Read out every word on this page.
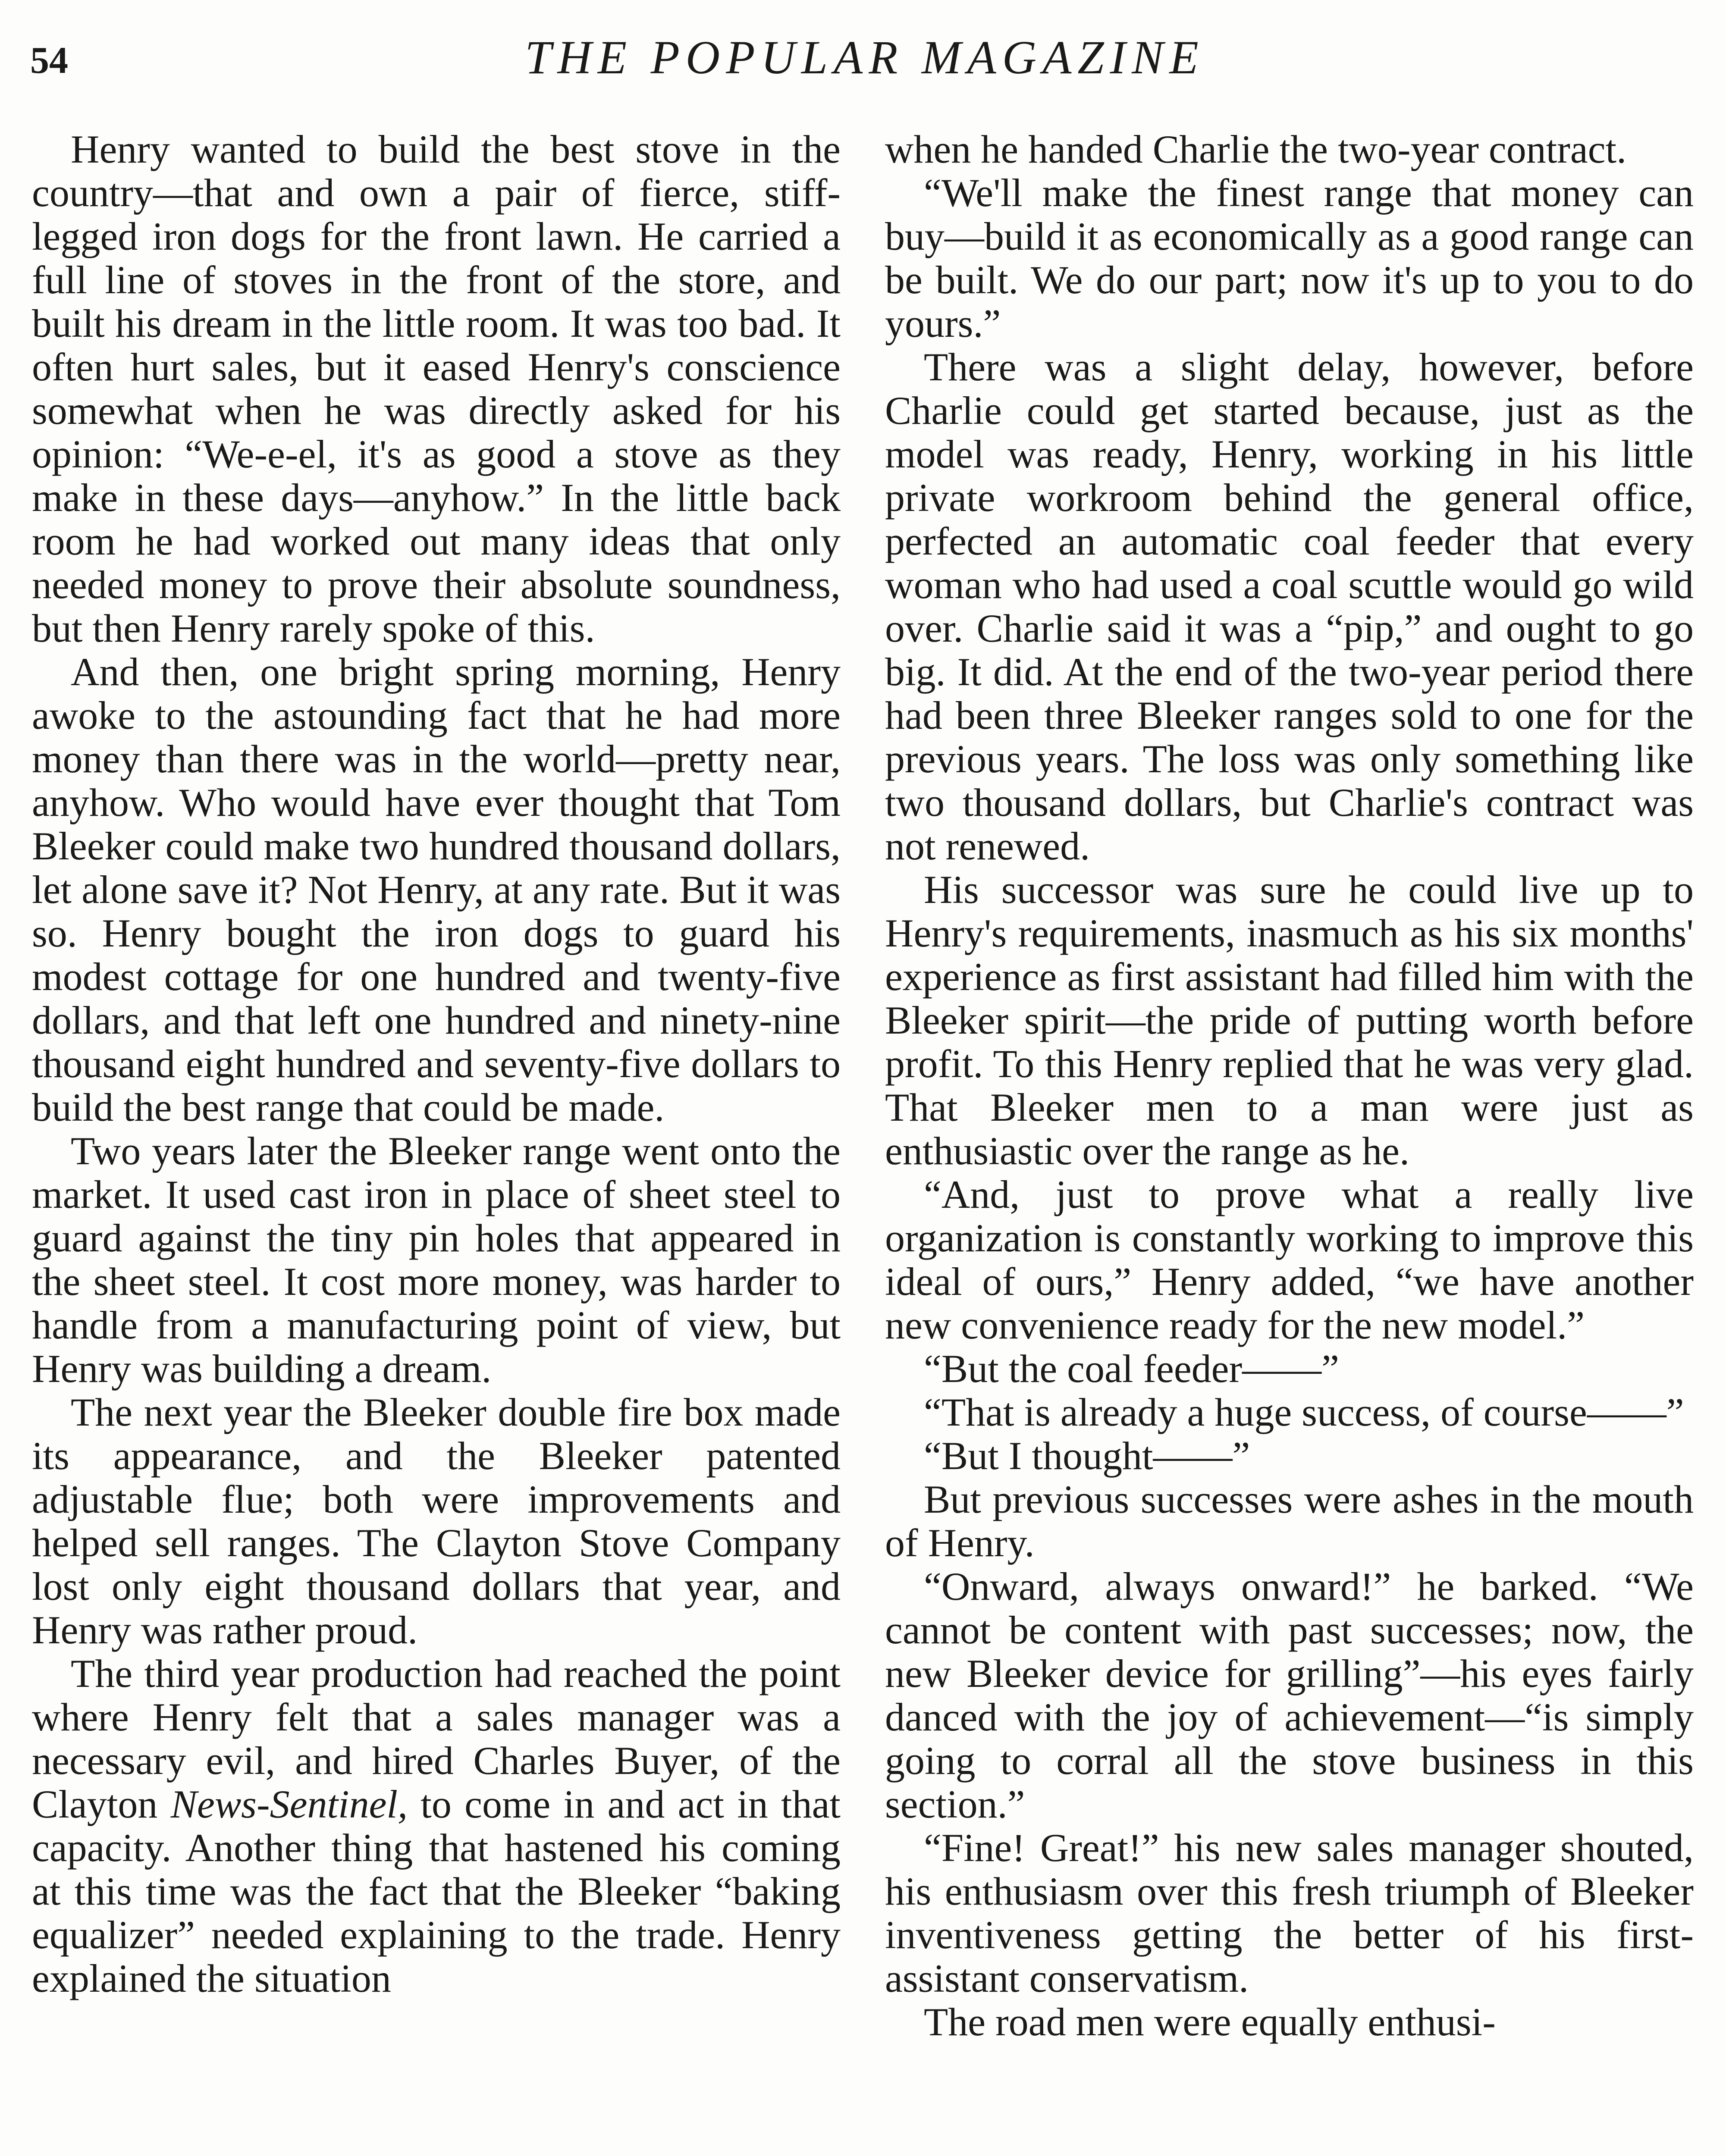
54	THE POPULAR MAGAZINE

Henry wanted to build the best stove in the country—that and own a pair of fierce, stiff-legged iron dogs for the front lawn. He carried a full line of stoves in the front of the store, and built his dream in the little room. It was too bad. It often hurt sales, but it eased Henry's conscience somewhat when he was directly asked for his opinion: “We-e-el, it's as good a stove as they make in these days—anyhow.” In the little back room he had worked out many ideas that only needed money to prove their absolute soundness, but then Henry rarely spoke of this.

And then, one bright spring morning, Henry awoke to the astounding fact that he had more money than there was in the world—pretty near, anyhow. Who would have ever thought that Tom Bleeker could make two hundred thousand dollars, let alone save it? Not Henry, at any rate. But it was so. Henry bought the iron dogs to guard his modest cottage for one hundred and twenty-five dollars, and that left one hundred and ninety-nine thousand eight hundred and seventy-five dollars to build the best range that could be made.

Two years later the Bleeker range went onto the market. It used cast iron in place of sheet steel to guard against the tiny pin holes that appeared in the sheet steel. It cost more money, was harder to handle from a manufacturing point of view, but Henry was building a dream.

The next year the Bleeker double fire box made its appearance, and the Bleeker patented adjustable flue; both were improvements and helped sell ranges. The Clayton Stove Company lost only eight thousand dollars that year, and Henry was rather proud.

The third year production had reached the point where Henry felt that a sales manager was a necessary evil, and hired Charles Buyer, of the Clayton News-Sentinel, to come in and act in that capacity. Another thing that hastened his coming at this time was the fact that the Bleeker “baking equalizer” needed explaining to the trade. Henry explained the situation

when he handed Charlie the two-year contract.

“We'll make the finest range that money can buy—build it as economically as a good range can be built. We do our part; now it's up to you to do yours.”

There was a slight delay, however, before Charlie could get started because, just as the model was ready, Henry, working in his little private workroom behind the general office, perfected an automatic coal feeder that every woman who had used a coal scuttle would go wild over. Charlie said it was a “pip,” and ought to go big. It did. At the end of the two-year period there had been three Bleeker ranges sold to one for the previous years. The loss was only something like two thousand dollars, but Charlie's contract was not renewed.

His successor was sure he could live up to Henry's requirements, inasmuch as his six months' experience as first assistant had filled him with the Bleeker spirit—the pride of putting worth before profit. To this Henry replied that he was very glad. That Bleeker men to a man were just as enthusiastic over the range as he.

“And, just to prove what a really live organization is constantly working to improve this ideal of ours,” Henry added, “we have another new convenience ready for the new model.”

“But the coal feeder——”

“That is already a huge success, of course——”

“But I thought——”

But previous successes were ashes in the mouth of Henry.

“Onward, always onward!” he barked. “We cannot be content with past successes; now, the new Bleeker device for grilling”—his eyes fairly danced with the joy of achievement—“is simply going to corral all the stove business in this section.”

“Fine! Great!” his new sales manager shouted, his enthusiasm over this fresh triumph of Bleeker inventiveness getting the better of his first-assistant conservatism.

The road men were equally enthusi-
